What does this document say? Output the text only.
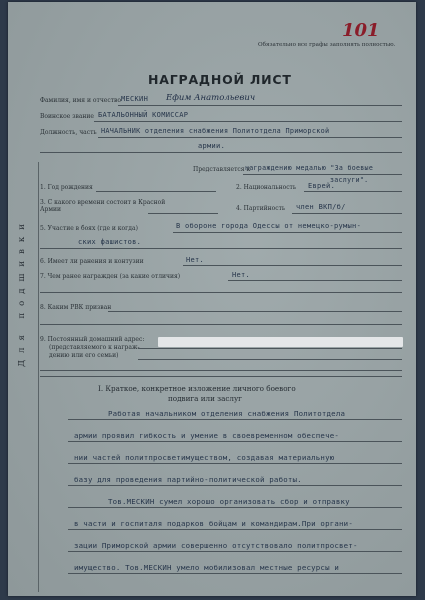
101
Обязательно все графы заполнять полностью.
НАГРАДНОЙ ЛИСТ
Для подшивки
Фамилия, имя и отчество МЕСКИН Ефим Анатольевич
Воинское звание БАТАЛЬОННЫЙ КОМИССАР
Должность, часть НАЧАЛЬНИК отделения снабжения Политотдела Приморской
армии.
Представляется к
награждению медалью "За боевые
заслуги".
1. Год рождения	2. Национальность Еврей.
3. С какого времени состоит в Красной Армии	4. Партийность член ВКП/б/
5. Участие в боях (где и когда)	В обороне города Одессы от немецко-румын-
ских фашистов.
6. Имеет ли ранения и контузии	Нет.
7. Чем ранее награжден (за какие отличия)	Нет.
8. Каким РВК призван
9. Постоянный домашний адрес:
(представляемого к награж-
дению или его семьи)
I. Краткое, конкретное изложение личного боевого
подвига или заслуг
Работая начальником отделения снабжения Политотдела
армии проявил гибкость и умение в своевременном обеспече-
нии частей политпросветимуществом, создавая материальную
базу для проведения партийно-политической работы.
Тов.МЕСКИН сумел хорошо организовать сбор и отправку
в части и госпиталя подарков бойцам и командирам.При органи-
зации Приморской армии совершенно отсутствовало политпросвет-
имущество. Тов.МЕСКИН умело мобилизовал местные ресурсы и
